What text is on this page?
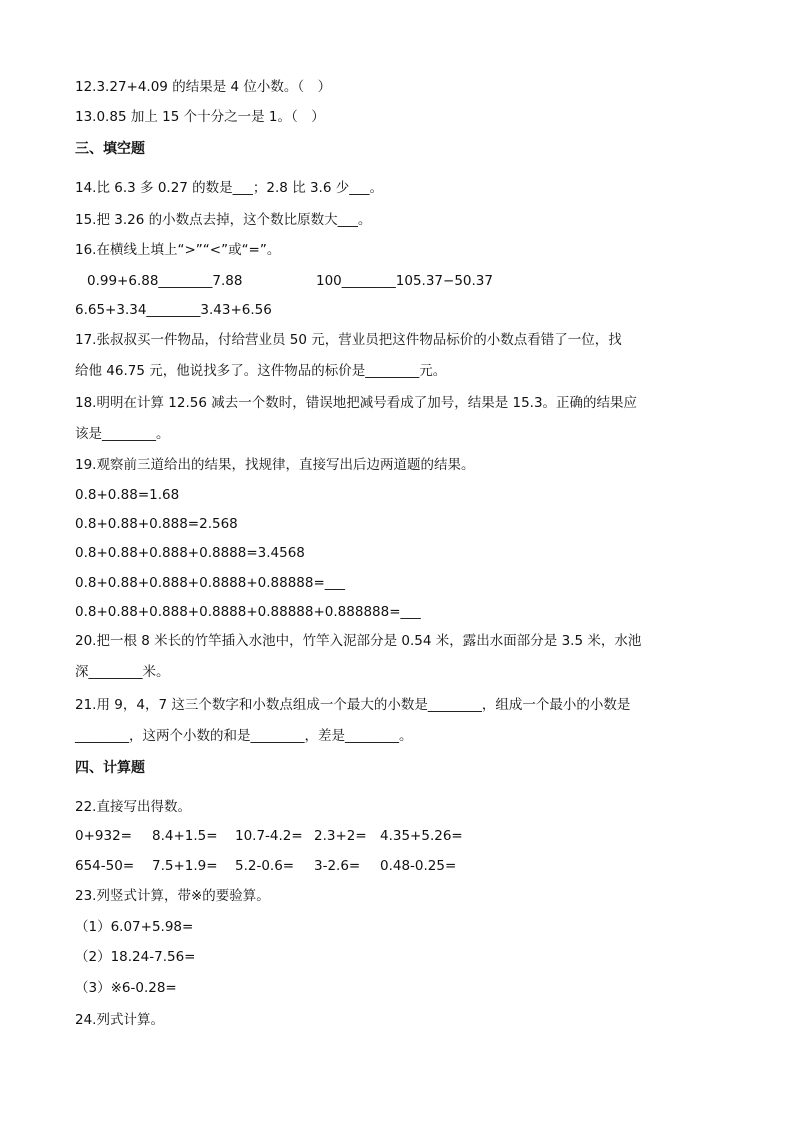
12.3.27+4.09 的结果是 4 位小数。（　）
13.0.85 加上 15 个十分之一是 1。（　）
三、填空题
14.比 6.3 多 0.27 的数是___；2.8 比 3.6 少___。
15.把 3.26 的小数点去掉，这个数比原数大___。
16.在横线上填上“>”“<”或“=”。
0.99+6.88________7.88	100________105.37−50.37
6.65+3.34________3.43+6.56
17.张叔叔买一件物品，付给营业员 50 元，营业员把这件物品标价的小数点看错了一位，找
给他 46.75 元，他说找多了。这件物品的标价是________元。
18.明明在计算 12.56 减去一个数时，错误地把减号看成了加号，结果是 15.3。正确的结果应
该是________。
19.观察前三道给出的结果，找规律，直接写出后边两道题的结果。
0.8+0.88=1.68
0.8+0.88+0.888=2.568
0.8+0.88+0.888+0.8888=3.4568
0.8+0.88+0.888+0.8888+0.88888=___
0.8+0.88+0.888+0.8888+0.88888+0.888888=___
20.把一根 8 米长的竹竿插入水池中，竹竿入泥部分是 0.54 米，露出水面部分是 3.5 米，水池
深________米。
21.用 9，4，7 这三个数字和小数点组成一个最大的小数是________，组成一个最小的小数是
________，这两个小数的和是________，差是________。
四、计算题
22.直接写出得数。
0+932= 8.4+1.5= 10.7-4.2= 2.3+2= 4.35+5.26=
654-50= 7.5+1.9= 5.2-0.6= 3-2.6= 0.48-0.25=
23.列竖式计算，带※的要验算。
（1）6.07+5.98=
（2）18.24-7.56=
（3）※6-0.28=
24.列式计算。
